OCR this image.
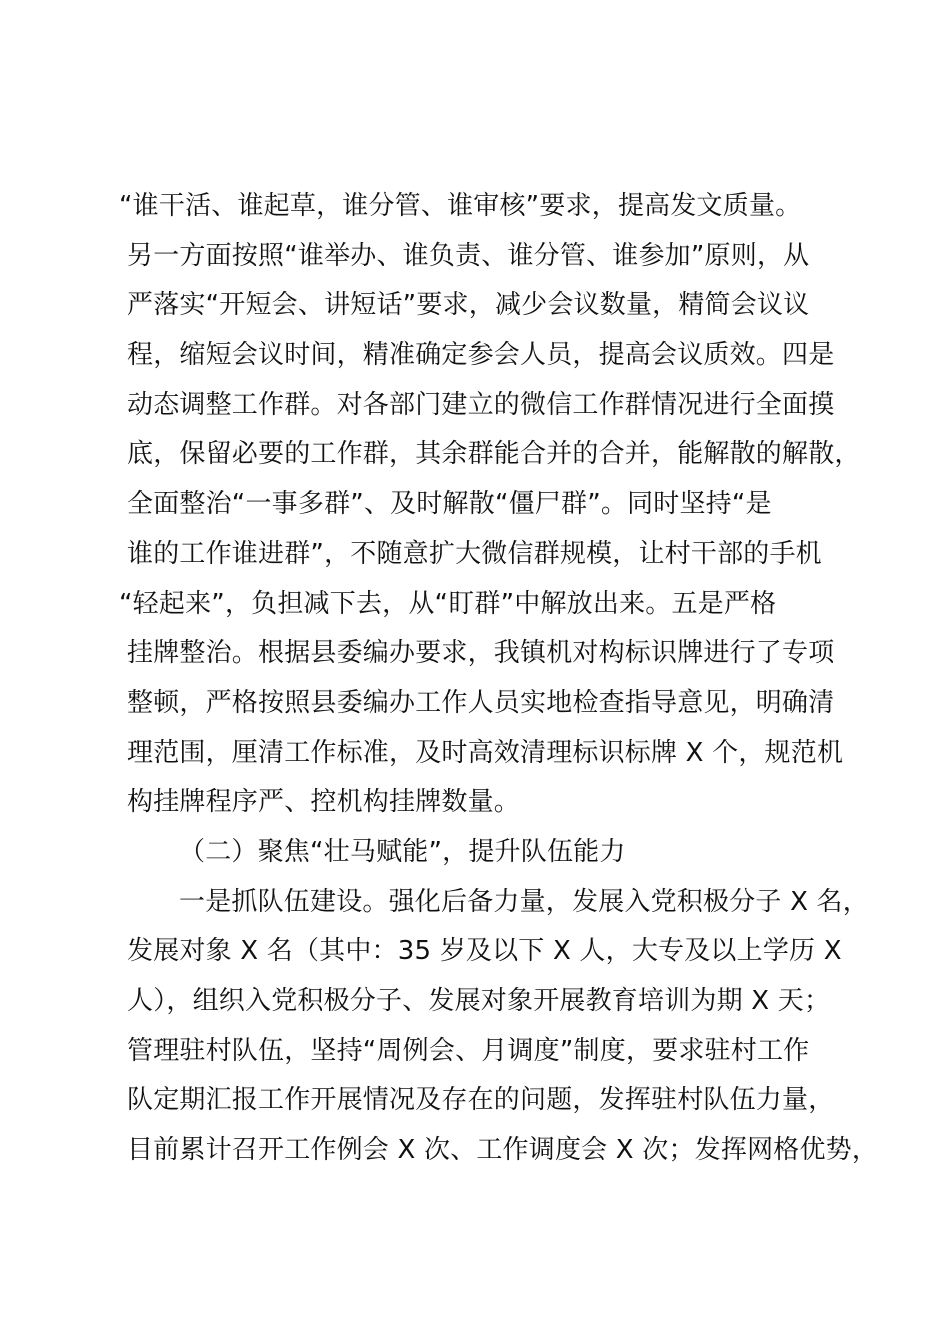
“谁干活、谁起草，谁分管、谁审核”要求，提高发文质量。
另一方面按照“谁举办、谁负责、谁分管、谁参加”原则，从
严落实“开短会、讲短话”要求，减少会议数量，精简会议议
程，缩短会议时间，精准确定参会人员，提高会议质效。四是
动态调整工作群。对各部门建立的微信工作群情况进行全面摸
底，保留必要的工作群，其余群能合并的合并，能解散的解散，
全面整治“一事多群”、及时解散“僵尸群”。同时坚持“是
谁的工作谁进群”，不随意扩大微信群规模，让村干部的手机
“轻起来”，负担减下去，从“盯群”中解放出来。五是严格
挂牌整治。根据县委编办要求，我镇机对构标识牌进行了专项
整顿，严格按照县委编办工作人员实地检查指导意见，明确清
理范围，厘清工作标准，及时高效清理标识标牌 X 个，规范机
构挂牌程序严、控机构挂牌数量。
（二）聚焦“壮马赋能”，提升队伍能力
一是抓队伍建设。强化后备力量，发展入党积极分子 X 名，
发展对象 X 名（其中：35 岁及以下 X 人，大专及以上学历 X
人），组织入党积极分子、发展对象开展教育培训为期 X 天；
管理驻村队伍，坚持“周例会、月调度”制度，要求驻村工作
队定期汇报工作开展情况及存在的问题，发挥驻村队伍力量，
目前累计召开工作例会 X 次、工作调度会 X 次；发挥网格优势，
